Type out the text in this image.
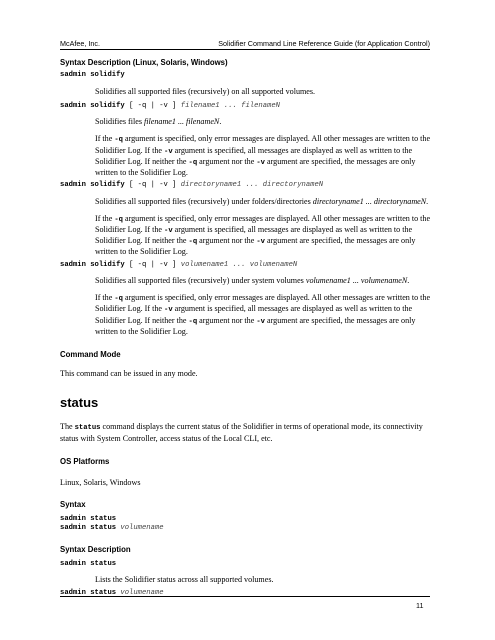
McAfee, Inc.	Solidifier Command Line Reference Guide (for Application Control)

Syntax Description (Linux, Solaris, Windows)

sadmin solidify

Solidifies all supported files (recursively) on all supported volumes.

sadmin solidify [ -q | -v ] filename1 ... filenameN

Solidifies files filename1 ... filenameN.

If the -q argument is specified, only error messages are displayed. All other messages are written to the Solidifier Log. If the -v argument is specified, all messages are displayed as well as written to the Solidifier Log. If neither the -q argument nor the -v argument are specified, the messages are only written to the Solidifier Log.

sadmin solidify [ -q | -v ] directoryname1 ... directorynameN

Solidifies all supported files (recursively) under folders/directories directoryname1 ... directorynameN.

If the -q argument is specified, only error messages are displayed. All other messages are written to the Solidifier Log. If the -v argument is specified, all messages are displayed as well as written to the Solidifier Log. If neither the -q argument nor the -v argument are specified, the messages are only written to the Solidifier Log.

sadmin solidify [ -q | -v ] volumename1 ... volumenameN

Solidifies all supported files (recursively) under system volumes volumename1 ... volumenameN.

If the -q argument is specified, only error messages are displayed. All other messages are written to the Solidifier Log. If the -v argument is specified, all messages are displayed as well as written to the Solidifier Log. If neither the -q argument nor the -v argument are specified, the messages are only written to the Solidifier Log.

Command Mode

This command can be issued in any mode.

status

The status command displays the current status of the Solidifier in terms of operational mode, its connectivity status with System Controller, access status of the Local CLI, etc.

OS Platforms

Linux, Solaris, Windows

Syntax

sadmin status

sadmin status volumename

Syntax Description

sadmin status

Lists the Solidifier status across all supported volumes.

sadmin status volumename

11
